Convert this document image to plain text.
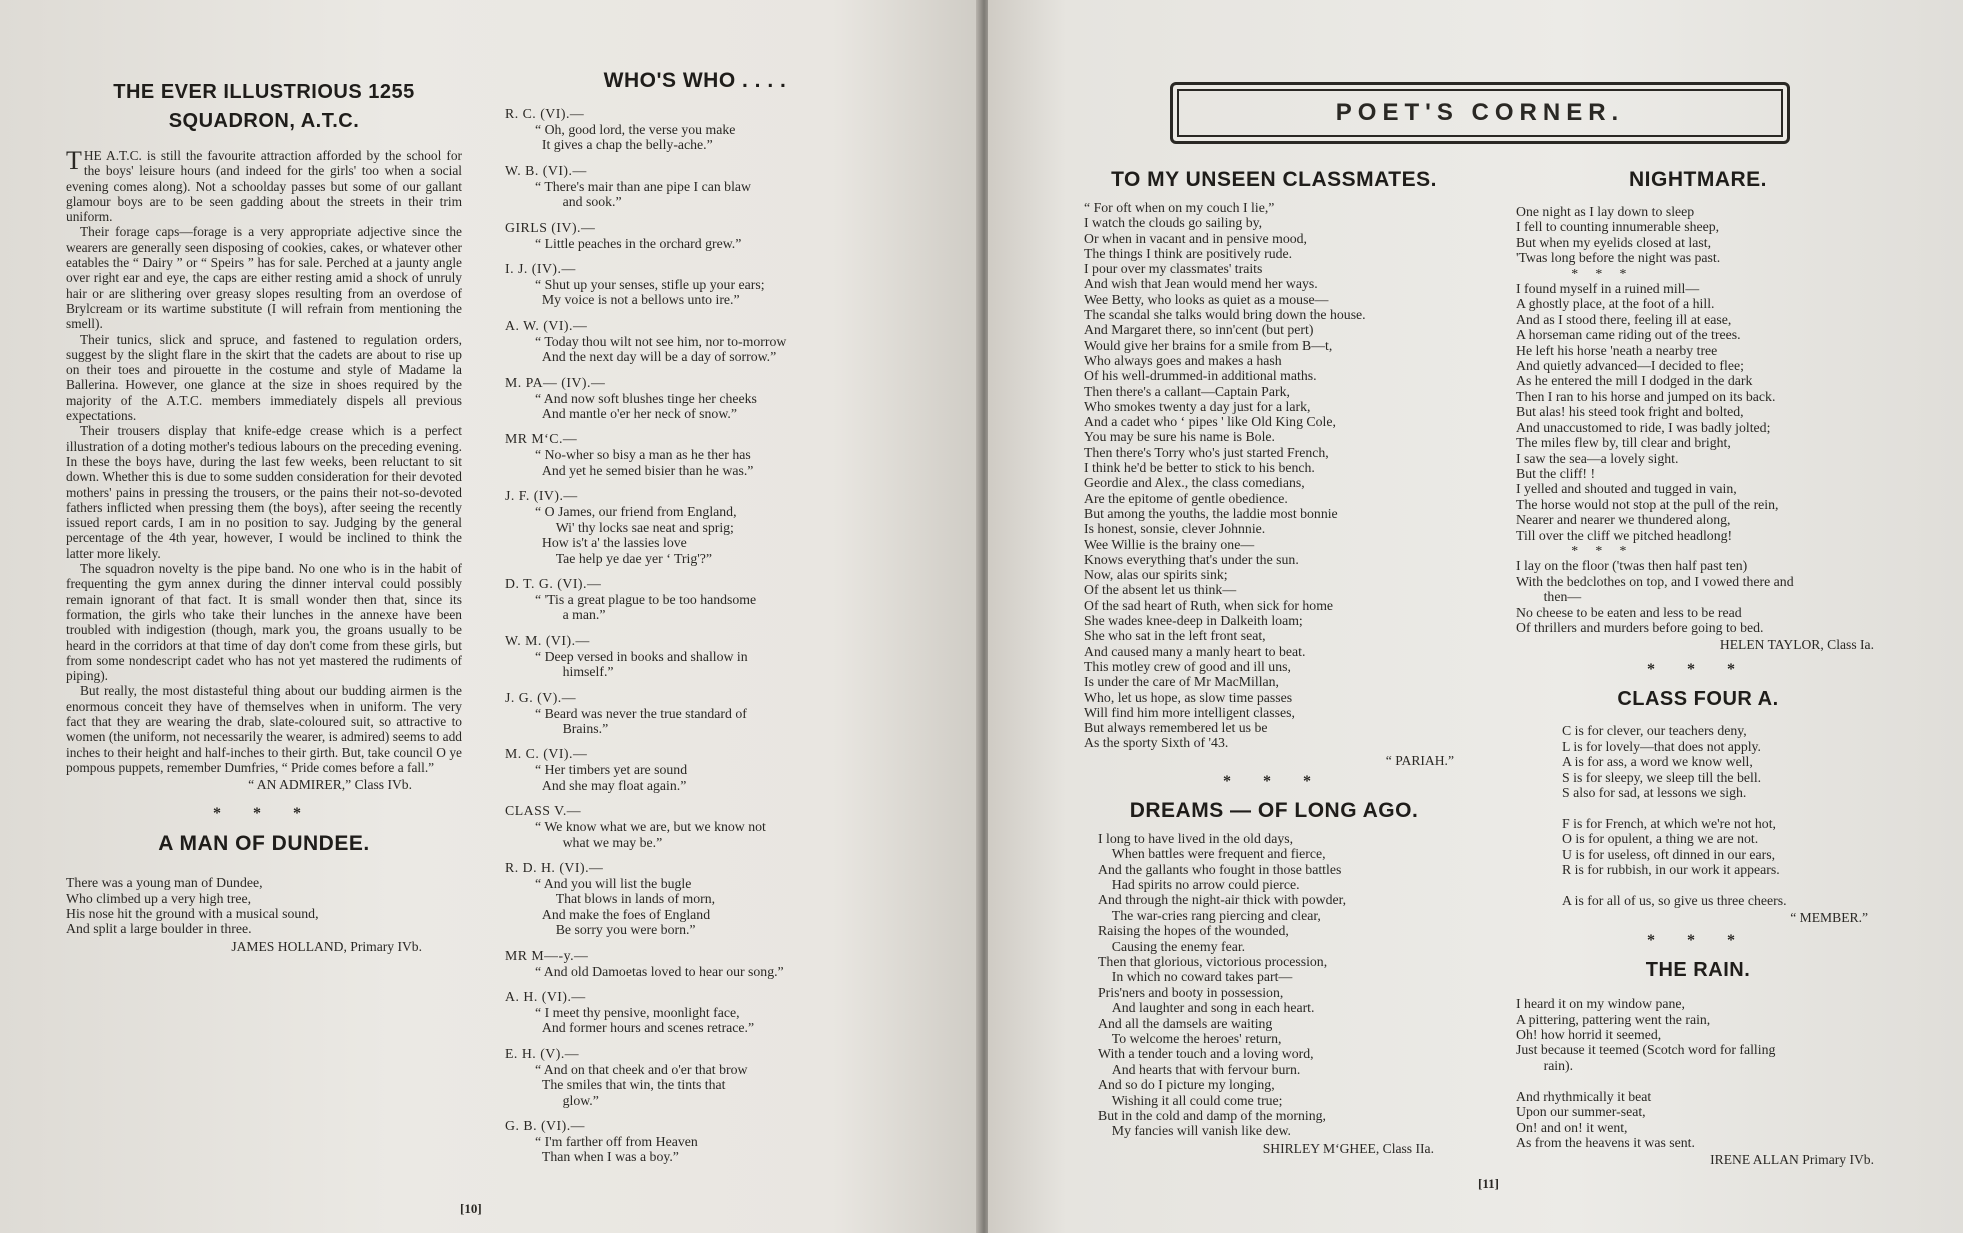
THE EVER ILLUSTRIOUS 1255
SQUADRON, A.T.C.

THE A.T.C. is still the favourite attraction afforded by the school for the boys' leisure hours (and indeed for the girls' too when a social evening comes along). Not a schoolday passes but some of our gallant glamour boys are to be seen gadding about the streets in their trim uniform.

Their forage caps—forage is a very appropriate adjective since the wearers are generally seen disposing of cookies, cakes, or whatever other eatables the “ Dairy ” or “ Speirs ” has for sale. Perched at a jaunty angle over right ear and eye, the caps are either resting amid a shock of unruly hair or are slithering over greasy slopes resulting from an overdose of Brylcream or its wartime substitute (I will refrain from mentioning the smell).

Their tunics, slick and spruce, and fastened to regulation orders, suggest by the slight flare in the skirt that the cadets are about to rise up on their toes and pirouette in the costume and style of Madame la Ballerina. However, one glance at the size in shoes required by the majority of the A.T.C. members immediately dispels all previous expectations.

Their trousers display that knife-edge crease which is a perfect illustration of a doting mother's tedious labours on the preceding evening. In these the boys have, during the last few weeks, been reluctant to sit down. Whether this is due to some sudden consideration for their devoted mothers' pains in pressing the trousers, or the pains their not-so-devoted fathers inflicted when pressing them (the boys), after seeing the recently issued report cards, I am in no position to say. Judging by the general percentage of the 4th year, however, I would be inclined to think the latter more likely.

The squadron novelty is the pipe band. No one who is in the habit of frequenting the gym annex during the dinner interval could possibly remain ignorant of that fact. It is small wonder then that, since its formation, the girls who take their lunches in the annexe have been troubled with indigestion (though, mark you, the groans usually to be heard in the corridors at that time of day don't come from these girls, but from some nondescript cadet who has not yet mastered the rudiments of piping).

But really, the most distasteful thing about our budding airmen is the enormous conceit they have of themselves when in uniform. The very fact that they are wearing the drab, slate-coloured suit, so attractive to women (the uniform, not necessarily the wearer, is admired) seems to add inches to their height and half-inches to their girth. But, take council O ye pompous puppets, remember Dumfries, “ Pride comes before a fall.”

“ AN ADMIRER,” Class IVb.
* * *
A MAN OF DUNDEE.
There was a young man of Dundee,
Who climbed up a very high tree,
His nose hit the ground with a musical sound,
And split a large boulder in three.
JAMES HOLLAND, Primary IVb.
WHO'S WHO . . . .
R. C. (VI).—
“ Oh, good lord, the verse you make
It gives a chap the belly-ache.”
W. B. (VI).—
“ There's mair than ane pipe I can blaw
and sook.”
GIRLS (IV).—
“ Little peaches in the orchard grew.”
I. J. (IV).—
“ Shut up your senses, stifle up your ears;
My voice is not a bellows unto ire.”
A. W. (VI).—
“ Today thou wilt not see him, nor to-morrow
And the next day will be a day of sorrow.”
M. PA— (IV).—
“ And now soft blushes tinge her cheeks
And mantle o'er her neck of snow.”
MR M‘C.—
“ No-wher so bisy a man as he ther has
And yet he semed bisier than he was.”
J. F. (IV).—
“ O James, our friend from England,
Wi' thy locks sae neat and sprig;
How is't a' the lassies love
Tae help ye dae yer ‘ Trig'?”
D. T. G. (VI).—
“ 'Tis a great plague to be too handsome
a man.”
W. M. (VI).—
“ Deep versed in books and shallow in
himself.”
J. G. (V).—
“ Beard was never the true standard of
Brains.”
M. C. (VI).—
“ Her timbers yet are sound
And she may float again.”
CLASS V.—
“ We know what we are, but we know not
what we may be.”
R. D. H. (VI).—
“ And you will list the bugle
That blows in lands of morn,
And make the foes of England
Be sorry you were born.”
MR M—-y.—
“ And old Damoetas loved to hear our song.”
A. H. (VI).—
“ I meet thy pensive, moonlight face,
And former hours and scenes retrace.”
E. H. (V).—
“ And on that cheek and o'er that brow
The smiles that win, the tints that
glow.”
G. B. (VI).—
“ I'm farther off from Heaven
Than when I was a boy.”
[10]
POET'S CORNER.
TO MY UNSEEN CLASSMATES.
“ For oft when on my couch I lie,”
I watch the clouds go sailing by,
Or when in vacant and in pensive mood,
The things I think are positively rude.
I pour over my classmates' traits
And wish that Jean would mend her ways.
Wee Betty, who looks as quiet as a mouse—
The scandal she talks would bring down the house.
And Margaret there, so inn'cent (but pert)
Would give her brains for a smile from B—t,
Who always goes and makes a hash
Of his well-drummed-in additional maths.
Then there's a callant—Captain Park,
Who smokes twenty a day just for a lark,
And a cadet who ‘ pipes ' like Old King Cole,
You may be sure his name is Bole.
Then there's Torry who's just started French,
I think he'd be better to stick to his bench.
Geordie and Alex., the class comedians,
Are the epitome of gentle obedience.
But among the youths, the laddie most bonnie
Is honest, sonsie, clever Johnnie.
Wee Willie is the brainy one—
Knows everything that's under the sun.
Now, alas our spirits sink;
Of the absent let us think—
Of the sad heart of Ruth, when sick for home
She wades knee-deep in Dalkeith loam;
She who sat in the left front seat,
And caused many a manly heart to beat.
This motley crew of good and ill uns,
Is under the care of Mr MacMillan,
Who, let us hope, as slow time passes
Will find him more intelligent classes,
But always remembered let us be
As the sporty Sixth of '43.
“ PARIAH.”
* * *
DREAMS — OF LONG AGO.
I long to have lived in the old days,
When battles were frequent and fierce,
And the gallants who fought in those battles
Had spirits no arrow could pierce.
And through the night-air thick with powder,
The war-cries rang piercing and clear,
Raising the hopes of the wounded,
Causing the enemy fear.
Then that glorious, victorious procession,
In which no coward takes part—
Pris'ners and booty in possession,
And laughter and song in each heart.
And all the damsels are waiting
To welcome the heroes' return,
With a tender touch and a loving word,
And hearts that with fervour burn.
And so do I picture my longing,
Wishing it all could come true;
But in the cold and damp of the morning,
My fancies will vanish like dew.
SHIRLEY M‘GHEE, Class IIa.
NIGHTMARE.
One night as I lay down to sleep
I fell to counting innumerable sheep,
But when my eyelids closed at last,
'Twas long before the night was past.
*     *     *
I found myself in a ruined mill—
A ghostly place, at the foot of a hill.
And as I stood there, feeling ill at ease,
A horseman came riding out of the trees.
He left his horse 'neath a nearby tree
And quietly advanced—I decided to flee;
As he entered the mill I dodged in the dark
Then I ran to his horse and jumped on its back.
But alas! his steed took fright and bolted,
And unaccustomed to ride, I was badly jolted;
The miles flew by, till clear and bright,
I saw the sea—a lovely sight.
But the cliff! !
I yelled and shouted and tugged in vain,
The horse would not stop at the pull of the rein,
Nearer and nearer we thundered along,
Till over the cliff we pitched headlong!
*     *     *
I lay on the floor ('twas then half past ten)
With the bedclothes on top, and I vowed there and
then—
No cheese to be eaten and less to be read
Of thrillers and murders before going to bed.
HELEN TAYLOR, Class Ia.
* * *
CLASS FOUR A.
C is for clever, our teachers deny,
L is for lovely—that does not apply.
A is for ass, a word we know well,
S is for sleepy, we sleep till the bell.
S also for sad, at lessons we sigh.

F is for French, at which we're not hot,
O is for opulent, a thing we are not.
U is for useless, oft dinned in our ears,
R is for rubbish, in our work it appears.

A is for all of us, so give us three cheers.
“ MEMBER.”
* * *
THE RAIN.
I heard it on my window pane,
A pittering, pattering went the rain,
Oh! how horrid it seemed,
Just because it teemed (Scotch word for falling
rain).

And rhythmically it beat
Upon our summer-seat,
On! and on! it went,
As from the heavens it was sent.
IRENE ALLAN Primary IVb.
[11]
